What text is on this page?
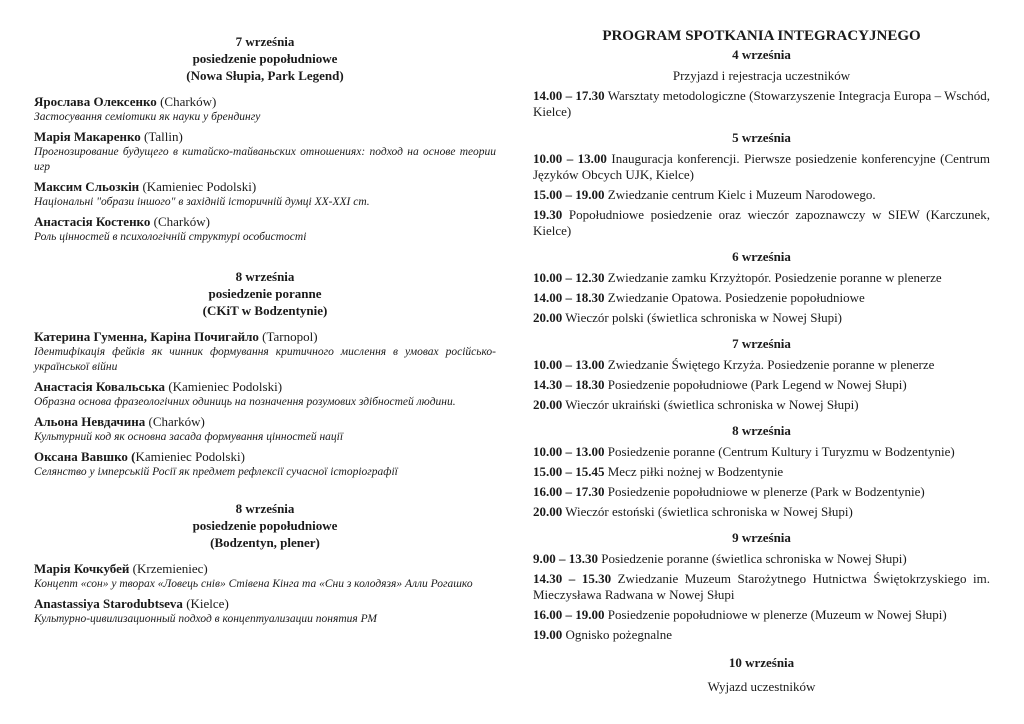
7 września
posiedzenie popołudniowe
(Nowa Słupia, Park Legend)
Ярослава Олексенко (Charków)
Застосування семіотики як науки у брендингу
Марія Макаренко (Tallin)
Прогнозирование будущего в китайско-тайваньских отношениях: подход на основе теории игр
Максим Сльозкін (Kamieniec Podolski)
Національні "образи іншого" в західній історичній думці XX-XXI ст.
Анастасія Костенко (Charków)
Роль цінностей в психологічній структурі особистості
8 września
posiedzenie poranne
(CKiT w Bodzentynie)
Катерина Гуменна, Каріна Почигайло (Tarnopol)
Ідентифікація фейків як чинник формування критичного мислення в умовах російсько-української війни
Анастасія Ковальська (Kamieniec Podolski)
Образна основа фразеологічних одиниць на позначення розумових здібностей людини.
Альона Невдачина (Charków)
Культурний код як основна засада формування цінностей нації
Оксана Вавшко (Kamieniec Podolski)
Селянство у імперській Росії як предмет рефлексії сучасної історіографії
8 września
posiedzenie popołudniowe
(Bodzentyn, plener)
Марія Кочкубей (Krzemieniec)
Концепт «сон» у творах «Ловець снів» Стівена Кінга та «Сни з колодязя» Алли Рогашко
Anastassiya Starodubtseva (Kielce)
Культурно-цивилизационный подход в концептуализации понятия РМ
PROGRAM SPOTKANIA INTEGRACYJNEGO
4 września
Przyjazd i rejestracja uczestników
14.00 – 17.30 Warsztaty metodologiczne (Stowarzyszenie Integracja Europa – Wschód, Kielce)
5 września
10.00 – 13.00 Inauguracja konferencji. Pierwsze posiedzenie konferencyjne (Centrum Języków Obcych UJK, Kielce)
15.00 – 19.00 Zwiedzanie centrum Kielc i Muzeum Narodowego.
19.30 Popołudniowe posiedzenie oraz wieczór zapoznawczy w SIEW (Karczunek, Kielce)
6 września
10.00 – 12.30 Zwiedzanie zamku Krzyżtopór. Posiedzenie poranne w plenerze
14.00 – 18.30 Zwiedzanie Opatowa. Posiedzenie popołudniowe
20.00 Wieczór polski (świetlica schroniska w Nowej Słupi)
7 września
10.00 – 13.00 Zwiedzanie Świętego Krzyża. Posiedzenie poranne w plenerze
14.30 – 18.30 Posiedzenie popołudniowe (Park Legend w Nowej Słupi)
20.00 Wieczór ukraiński (świetlica schroniska w Nowej Słupi)
8 września
10.00 – 13.00 Posiedzenie poranne (Centrum Kultury i Turyzmu w Bodzentynie)
15.00 – 15.45 Mecz piłki nożnej w Bodzentynie
16.00 – 17.30 Posiedzenie popołudniowe w plenerze (Park w Bodzentynie)
20.00 Wieczór estoński (świetlica schroniska w Nowej Słupi)
9 września
9.00 – 13.30 Posiedzenie poranne (świetlica schroniska w Nowej Słupi)
14.30 – 15.30 Zwiedzanie Muzeum Starożytnego Hutnictwa Świętokrzyskiego im. Mieczysława Radwana w Nowej Słupi
16.00 – 19.00 Posiedzenie popołudniowe w plenerze (Muzeum w Nowej Słupi)
19.00 Ognisko pożegnalne
10 września
Wyjazd uczestników
